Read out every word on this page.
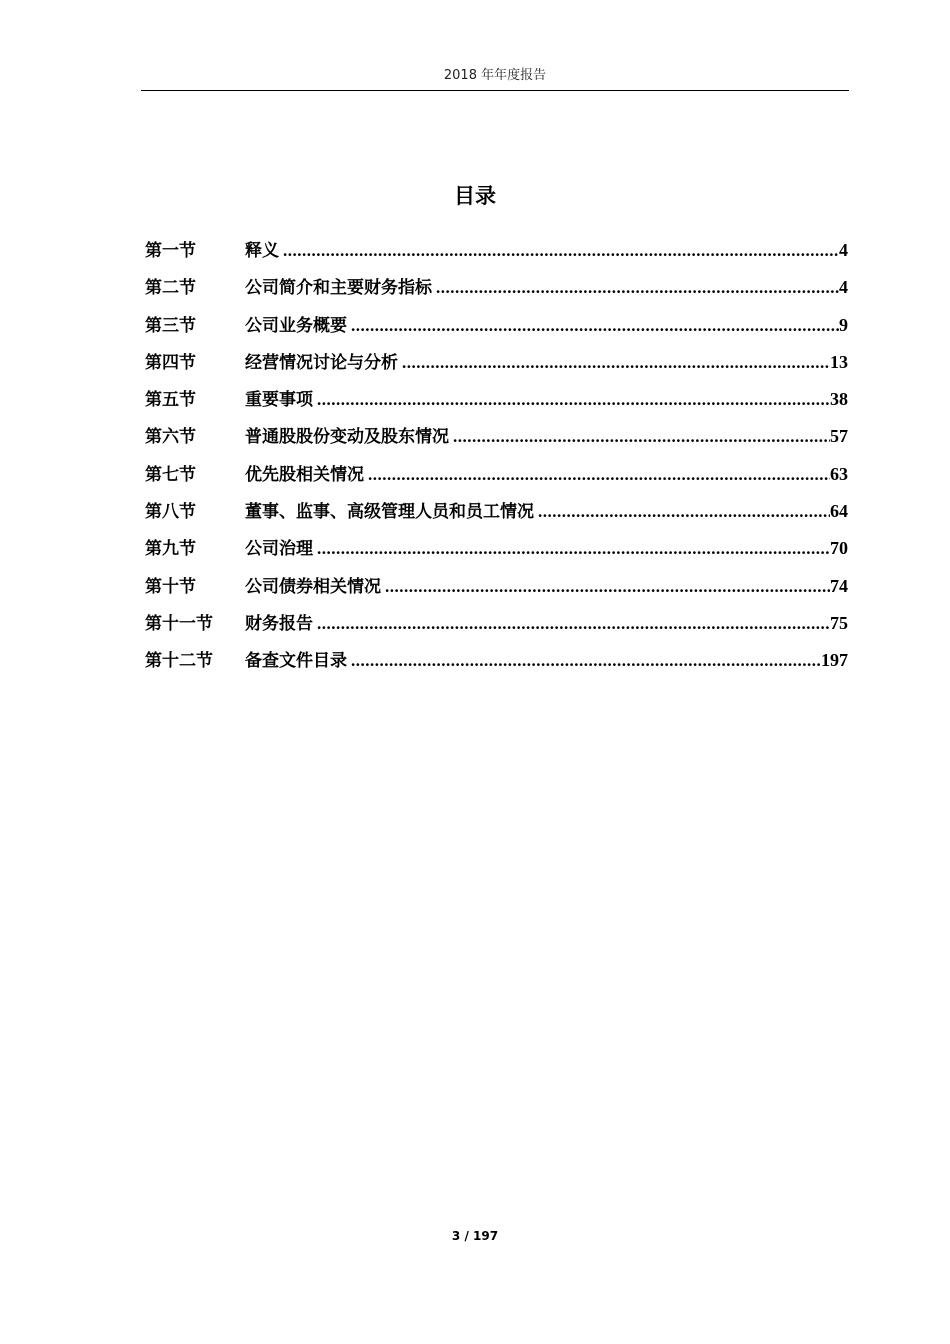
2018 年年度报告
目录
第一节	释义 .....	4
第二节	公司简介和主要财务指标 .....	4
第三节	公司业务概要 .....	9
第四节	经营情况讨论与分析 .....	13
第五节	重要事项 .....	38
第六节	普通股股份变动及股东情况 .....	57
第七节	优先股相关情况 .....	63
第八节	董事、监事、高级管理人员和员工情况 .....	64
第九节	公司治理 .....	70
第十节	公司债券相关情况 .....	74
第十一节	财务报告 .....	75
第十二节	备查文件目录 .....	197
3 / 197
